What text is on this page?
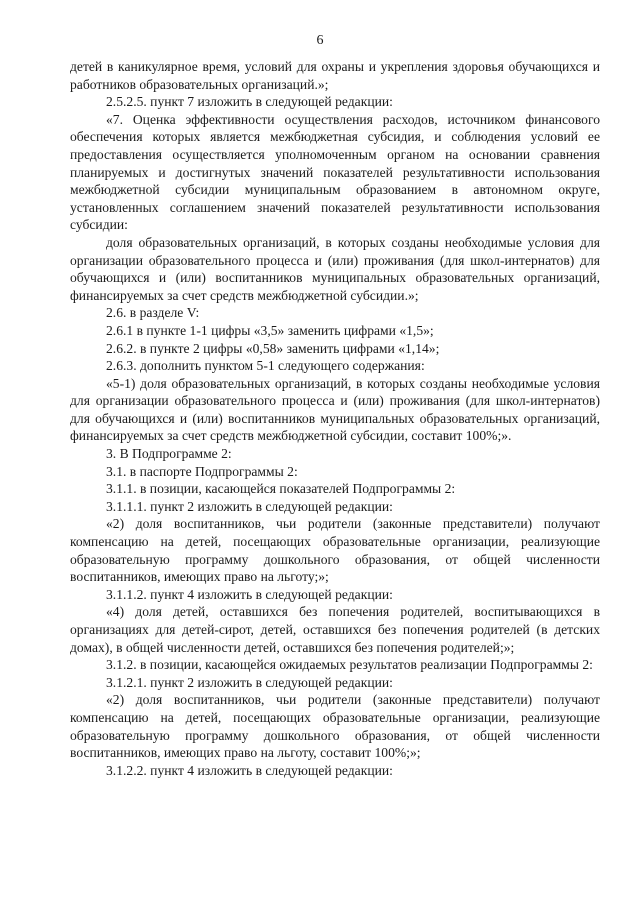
6

детей в каникулярное время, условий для охраны и укрепления здоровья обучающихся и работников образовательных организаций.»;

2.5.2.5. пункт 7 изложить в следующей редакции:

«7. Оценка эффективности осуществления расходов, источником финансового обеспечения которых является межбюджетная субсидия, и соблюдения условий ее предоставления осуществляется уполномоченным органом на основании сравнения планируемых и достигнутых значений показателей результативности использования межбюджетной субсидии муниципальным образованием в автономном округе, установленных соглашением значений показателей результативности использования субсидии:

доля образовательных организаций, в которых созданы необходимые условия для организации образовательного процесса и (или) проживания (для школ-интернатов) для обучающихся и (или) воспитанников муниципальных образовательных организаций, финансируемых за счет средств межбюджетной субсидии.»;

2.6. в разделе V:

2.6.1 в пункте 1-1 цифры «3,5» заменить цифрами «1,5»;

2.6.2. в пункте 2 цифры «0,58» заменить цифрами «1,14»;

2.6.3. дополнить пунктом 5-1 следующего содержания:

«5-1) доля образовательных организаций, в которых созданы необходимые условия для организации образовательного процесса и (или) проживания (для школ-интернатов) для обучающихся и (или) воспитанников муниципальных образовательных организаций, финансируемых за счет средств межбюджетной субсидии, составит 100%;».

3. В Подпрограмме 2:

3.1. в паспорте Подпрограммы 2:

3.1.1. в позиции, касающейся показателей Подпрограммы 2:

3.1.1.1. пункт 2 изложить в следующей редакции:

«2) доля воспитанников, чьи родители (законные представители) получают компенсацию на детей, посещающих образовательные организации, реализующие образовательную программу дошкольного образования, от общей численности воспитанников, имеющих право на льготу;»;

3.1.1.2. пункт 4 изложить в следующей редакции:

«4) доля детей, оставшихся без попечения родителей, воспитывающихся в организациях для детей-сирот, детей, оставшихся без попечения родителей (в детских домах), в общей численности детей, оставшихся без попечения родителей;»;

3.1.2. в позиции, касающейся ожидаемых результатов реализации Подпрограммы 2:

3.1.2.1. пункт 2 изложить в следующей редакции:

«2) доля воспитанников, чьи родители (законные представители) получают компенсацию на детей, посещающих образовательные организации, реализующие образовательную программу дошкольного образования, от общей численности воспитанников, имеющих право на льготу, составит 100%;»;

3.1.2.2. пункт 4 изложить в следующей редакции:
